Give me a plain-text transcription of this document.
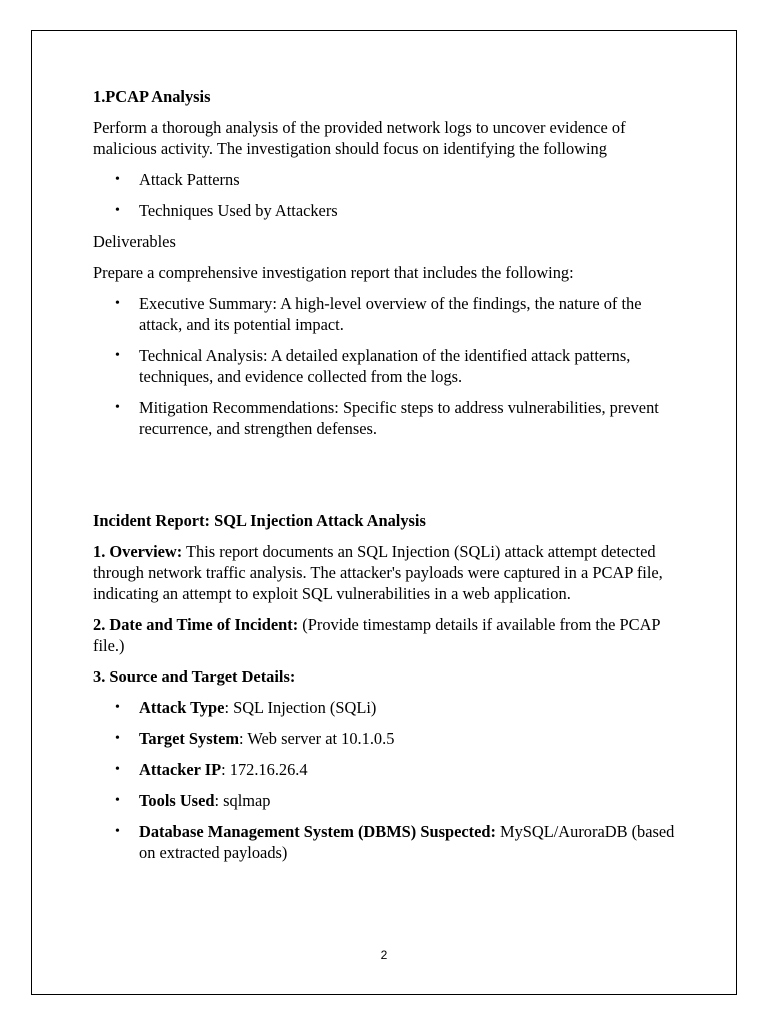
1.PCAP Analysis

Perform a thorough analysis of the provided network logs to uncover evidence of malicious activity. The investigation should focus on identifying the following

• Attack Patterns
• Techniques Used by Attackers

Deliverables

Prepare a comprehensive investigation report that includes the following:

• Executive Summary: A high-level overview of the findings, the nature of the attack, and its potential impact.
• Technical Analysis: A detailed explanation of the identified attack patterns, techniques, and evidence collected from the logs.
• Mitigation Recommendations: Specific steps to address vulnerabilities, prevent recurrence, and strengthen defenses.
Incident Report: SQL Injection Attack Analysis

1. Overview: This report documents an SQL Injection (SQLi) attack attempt detected through network traffic analysis. The attacker's payloads were captured in a PCAP file, indicating an attempt to exploit SQL vulnerabilities in a web application.

2. Date and Time of Incident: (Provide timestamp details if available from the PCAP file.)

3. Source and Target Details:

• Attack Type: SQL Injection (SQLi)
• Target System: Web server at 10.1.0.5
• Attacker IP: 172.16.26.4
• Tools Used: sqlmap
• Database Management System (DBMS) Suspected: MySQL/AuroraDB (based on extracted payloads)
2
